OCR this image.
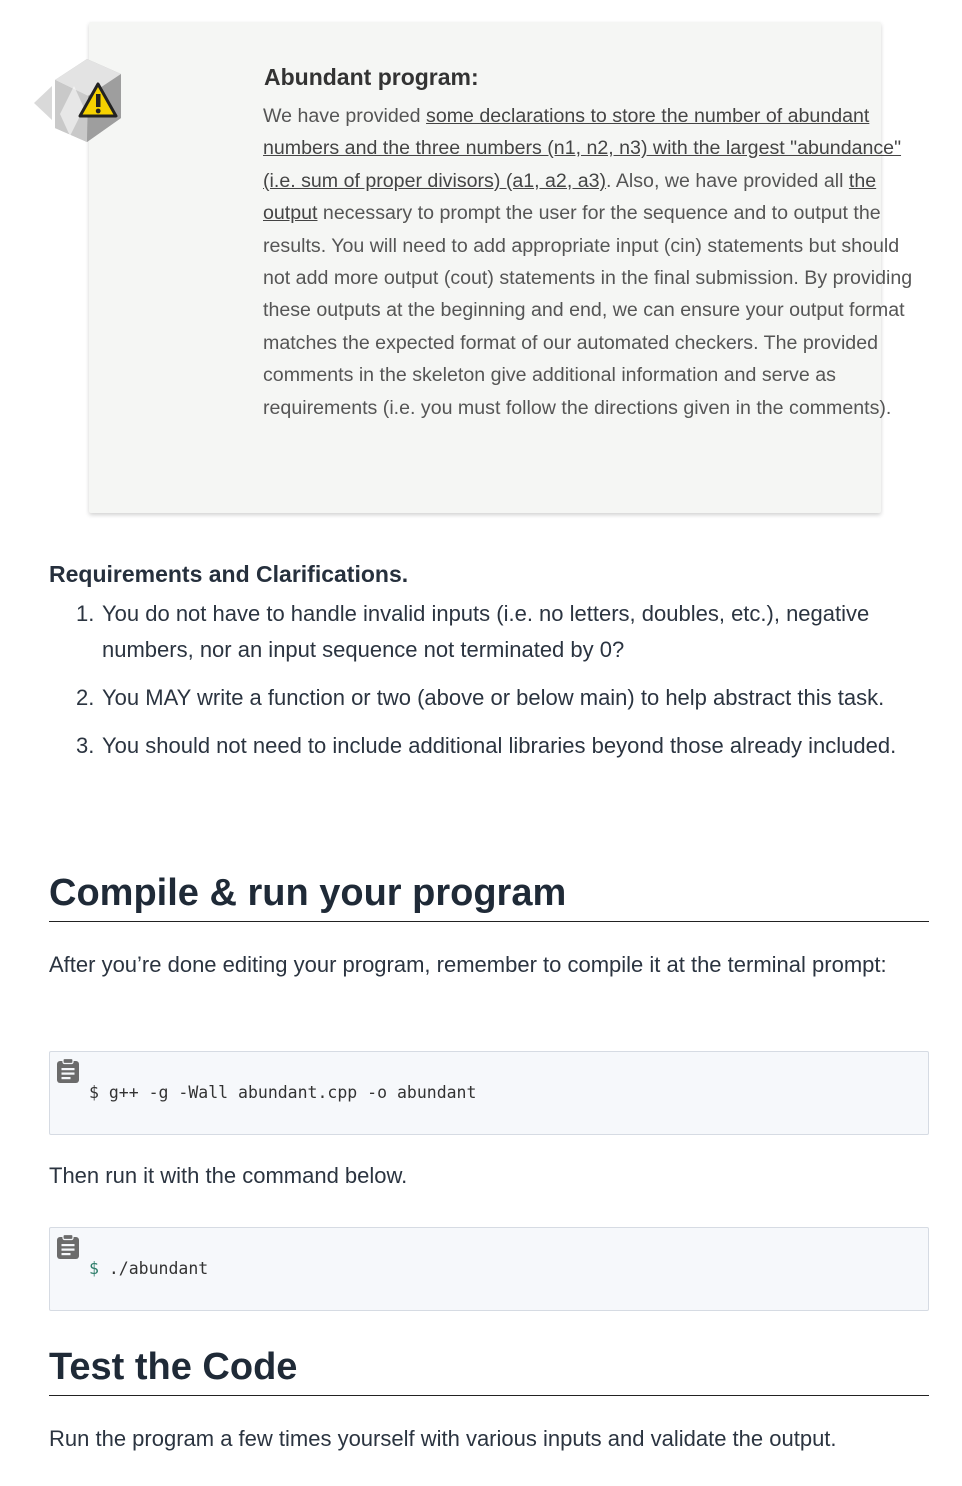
Abundant program:

We have provided some declarations to store the number of abundant numbers and the three numbers (n1, n2, n3) with the largest "abundance" (i.e. sum of proper divisors) (a1, a2, a3). Also, we have provided all the output necessary to prompt the user for the sequence and to output the results. You will need to add appropriate input (cin) statements but should not add more output (cout) statements in the final submission. By providing these outputs at the beginning and end, we can ensure your output format matches the expected format of our automated checkers. The provided comments in the skeleton give additional information and serve as requirements (i.e. you must follow the directions given in the comments).

Requirements and Clarifications.

1. You do not have to handle invalid inputs (i.e. no letters, doubles, etc.), negative numbers, nor an input sequence not terminated by 0?
2. You MAY write a function or two (above or below main) to help abstract this task.
3. You should not need to include additional libraries beyond those already included.
Compile & run your program

After you’re done editing your program, remember to compile it at the terminal prompt:

$ g++ -g -Wall abundant.cpp -o abundant

Then run it with the command below.

$ ./abundant
Test the Code

Run the program a few times yourself with various inputs and validate the output.
